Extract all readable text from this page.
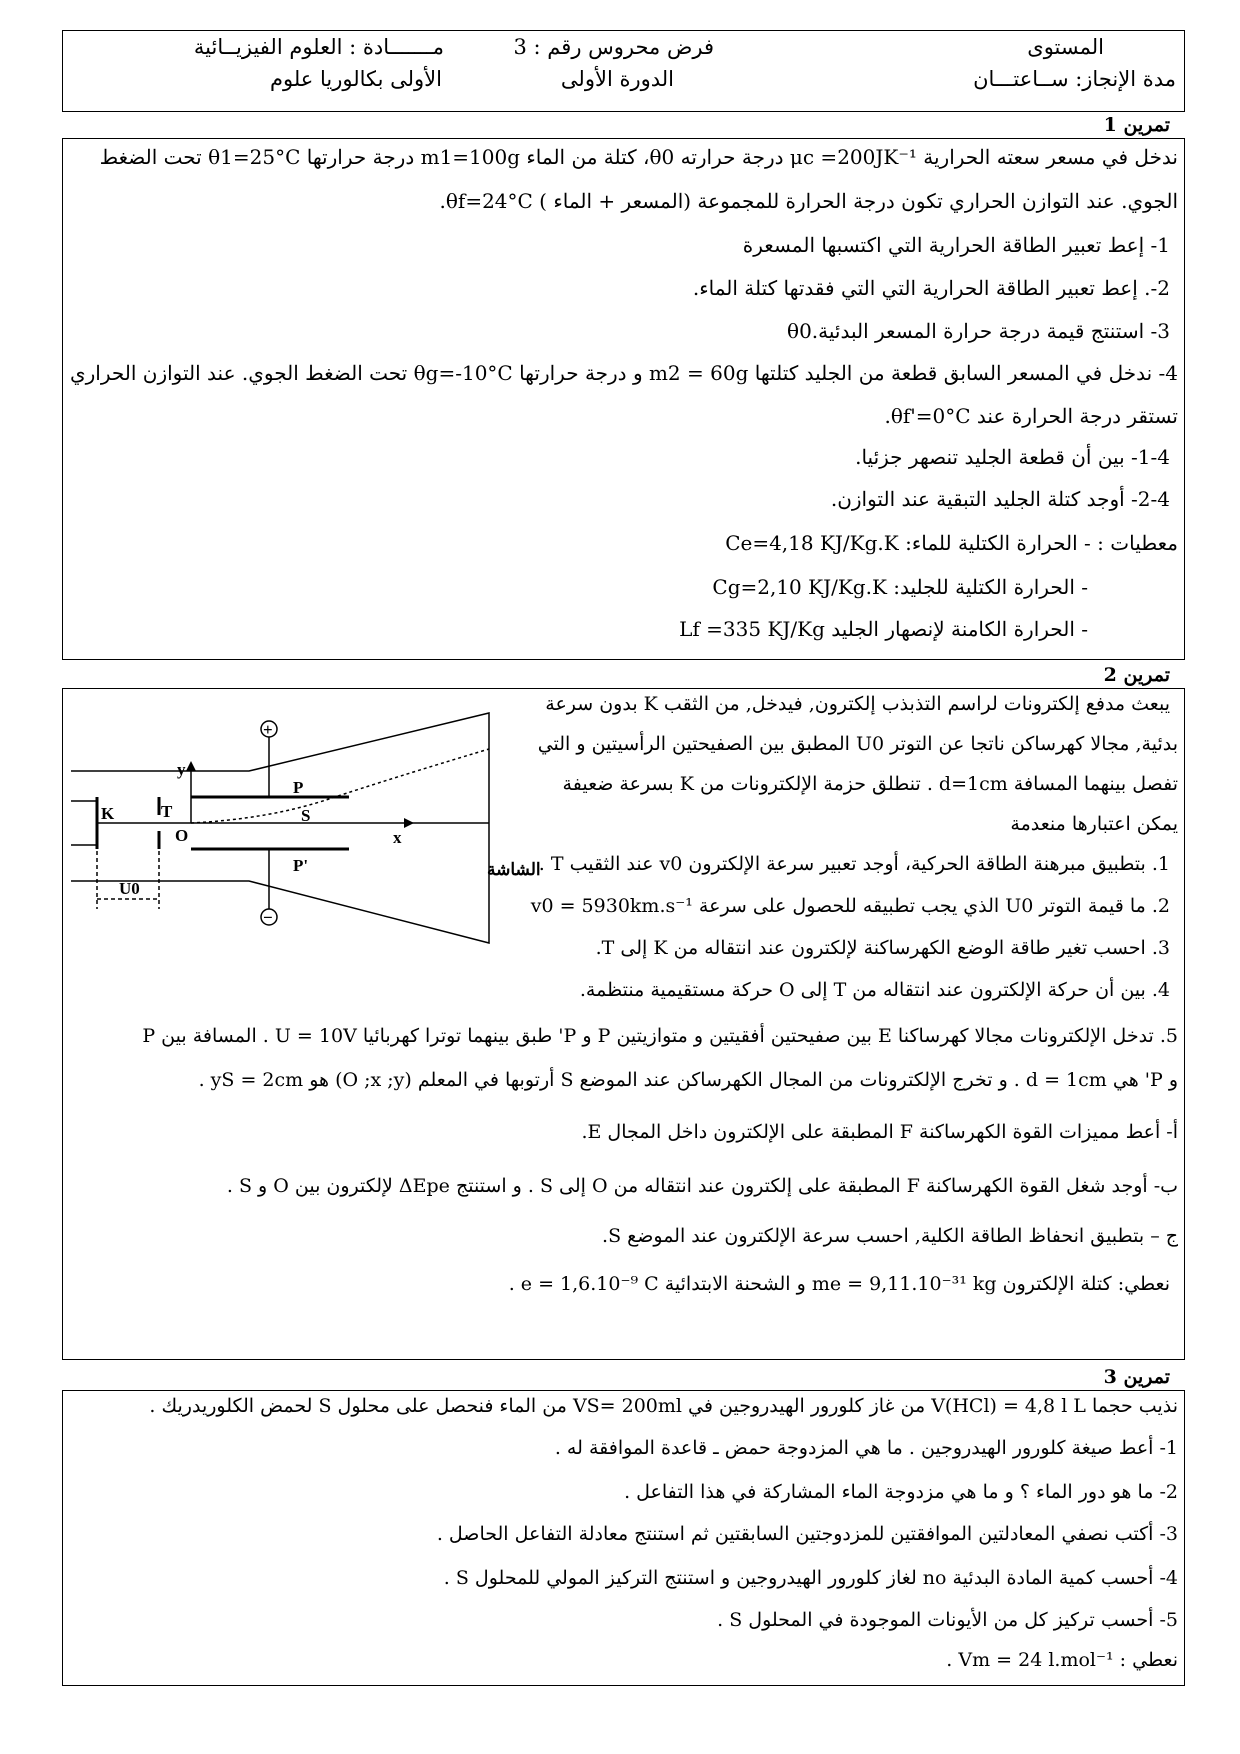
المستوى
مدة الإنجاز: ســاعتـــان
فرض محروس رقم : 3
الدورة الأولى
مـــــــادة : العلوم الفيزيــائية
الأولى بكالوريا علوم
تمرين 1
ندخل في مسعر سعته الحرارية μc =200JK⁻¹ درجة حرارته θ0، كتلة من الماء m1=100g درجة حرارتها θ1=25°C تحت الضغط
الجوي. عند التوازن الحراري تكون درجة الحرارة للمجموعة (المسعر + الماء ) θf=24°C.
1- إعط تعبير الطاقة الحرارية التي اكتسبها المسعرة
2-. إعط تعبير الطاقة الحرارية التي التي فقدتها كتلة الماء.
3- استنتج قيمة درجة حرارة المسعر البدئية.θ0
4- ندخل في المسعر السابق قطعة من الجليد كتلتها m2 = 60g و درجة حرارتها θg=-10°C تحت الضغط الجوي. عند التوازن الحراري
تستقر درجة الحرارة عند θf'=0°C.
1-4- بين أن قطعة الجليد تنصهر جزئيا.
2-4- أوجد كتلة الجليد التبقية عند التوازن.
معطيات : - الحرارة الكتلية للماء: Ce=4,18 KJ/Kg.K
- الحرارة الكتلية للجليد: Cg=2,10 KJ/Kg.K
- الحرارة الكامنة لإنصهار الجليد Lf =335 KJ/Kg
تمرين 2
K	T
O
y
x
P
P'
S
U0
+
−
الشاشة
يبعث مدفع إلكترونات لراسم التذبذب إلكترون, فيدخل, من الثقب K بدون سرعة
بدئية, مجالا كهرساكن ناتجا عن التوتر U0 المطبق بين الصفيحتين الرأسيتين و التي
تفصل بينهما المسافة d=1cm . تنطلق حزمة الإلكترونات من K بسرعة ضعيفة
يمكن اعتبارها منعدمة
1. بتطبيق مبرهنة الطاقة الحركية، أوجد تعبير سرعة الإلكترون v0 عند الثقيب T .
2. ما قيمة التوتر U0 الذي يجب تطبيقه للحصول على سرعة v0 = 5930km.s⁻¹
3. احسب تغير طاقة الوضع الكهرساكنة لإلكترون عند انتقاله من K إلى T.
4. بين أن حركة الإلكترون عند انتقاله من T إلى O حركة مستقيمية منتظمة.
5. تدخل الإلكترونات مجالا كهرساكنا E بين صفيحتين أفقيتين و متوازيتين P و P' طبق بينهما توترا كهربائيا U = 10V . المسافة بين P
و P' هي d = 1cm . و تخرج الإلكترونات من المجال الكهرساكن عند الموضع S أرتوبها في المعلم (O ;x ;y) هو yS = 2cm .
أ- أعط مميزات القوة الكهرساكنة F المطبقة على الإلكترون داخل المجال E.
ب- أوجد شغل القوة الكهرساكنة F المطبقة على إلكترون عند انتقاله من O إلى S . و استنتج ΔEpe لإلكترون بين O و S .
ج – بتطبيق انحفاظ الطاقة الكلية, احسب سرعة الإلكترون عند الموضع S.
نعطي: كتلة الإلكترون me = 9,11.10⁻³¹ kg و الشحنة الابتدائية e = 1,6.10⁻⁹ C .
تمرين 3
نذيب حجما V(HCl) = 4,8 l L من غاز كلورور الهيدروجين في VS= 200ml من الماء فنحصل على محلول S لحمض الكلوريدريك .
1- أعط صيغة كلورور الهيدروجين . ما هي المزدوجة حمض ـ قاعدة الموافقة له .
2- ما هو دور الماء ؟ و ما هي مزدوجة الماء المشاركة في هذا التفاعل .
3- أكتب نصفي المعادلتين الموافقتين للمزدوجتين السابقتين ثم استنتج معادلة التفاعل الحاصل .
4- أحسب كمية المادة البدئية no لغاز كلورور الهيدروجين و استنتج التركيز المولي للمحلول S .
5- أحسب تركيز كل من الأيونات الموجودة في المحلول S .
نعطي : Vm = 24 l.mol⁻¹ .
